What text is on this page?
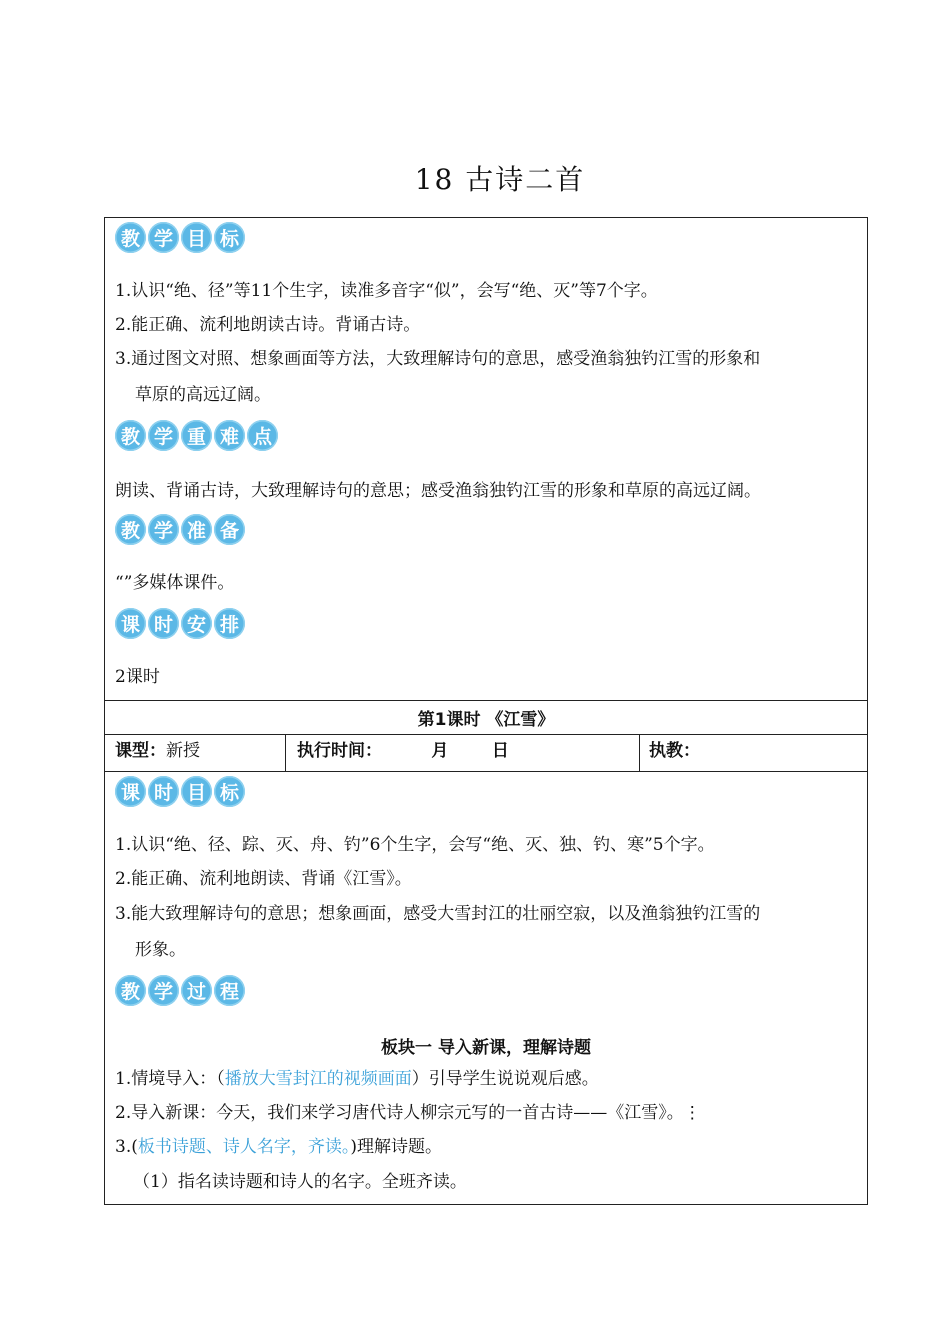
18 古诗二首
教 学 目 标
1.认识“绝、径”等11个生字，读准多音字“似”，会写“绝、灭”等7个字。
2.能正确、流利地朗读古诗。背诵古诗。
3.通过图文对照、想象画面等方法，大致理解诗句的意思，感受渔翁独钓江雪的形象和
草原的高远辽阔。
教 学 重 难 点
朗读、背诵古诗，大致理解诗句的意思；感受渔翁独钓江雪的形象和草原的高远辽阔。
教 学 准 备
“”多媒体课件。
课 时 安 排
2课时
第1课时 《江雪》
课型：新授	执行时间：	月	日	执教：
课 时 目 标
1.认识“绝、径、踪、灭、舟、钓”6个生字，会写“绝、灭、独、钓、寒”5个字。
2.能正确、流利地朗读、背诵《江雪》。
3.能大致理解诗句的意思；想象画面，感受大雪封江的壮丽空寂，以及渔翁独钓江雪的
形象。
教 学 过 程
板块一 导入新课，理解诗题
1.情境导入：（播放大雪封江的视频画面）引导学生说说观后感。
2.导入新课：今天，我们来学习唐代诗人柳宗元写的一首古诗——《江雪》。⋮
3.(板书诗题、诗人名字，齐读。)理解诗题。
（1）指名读诗题和诗人的名字。全班齐读。
